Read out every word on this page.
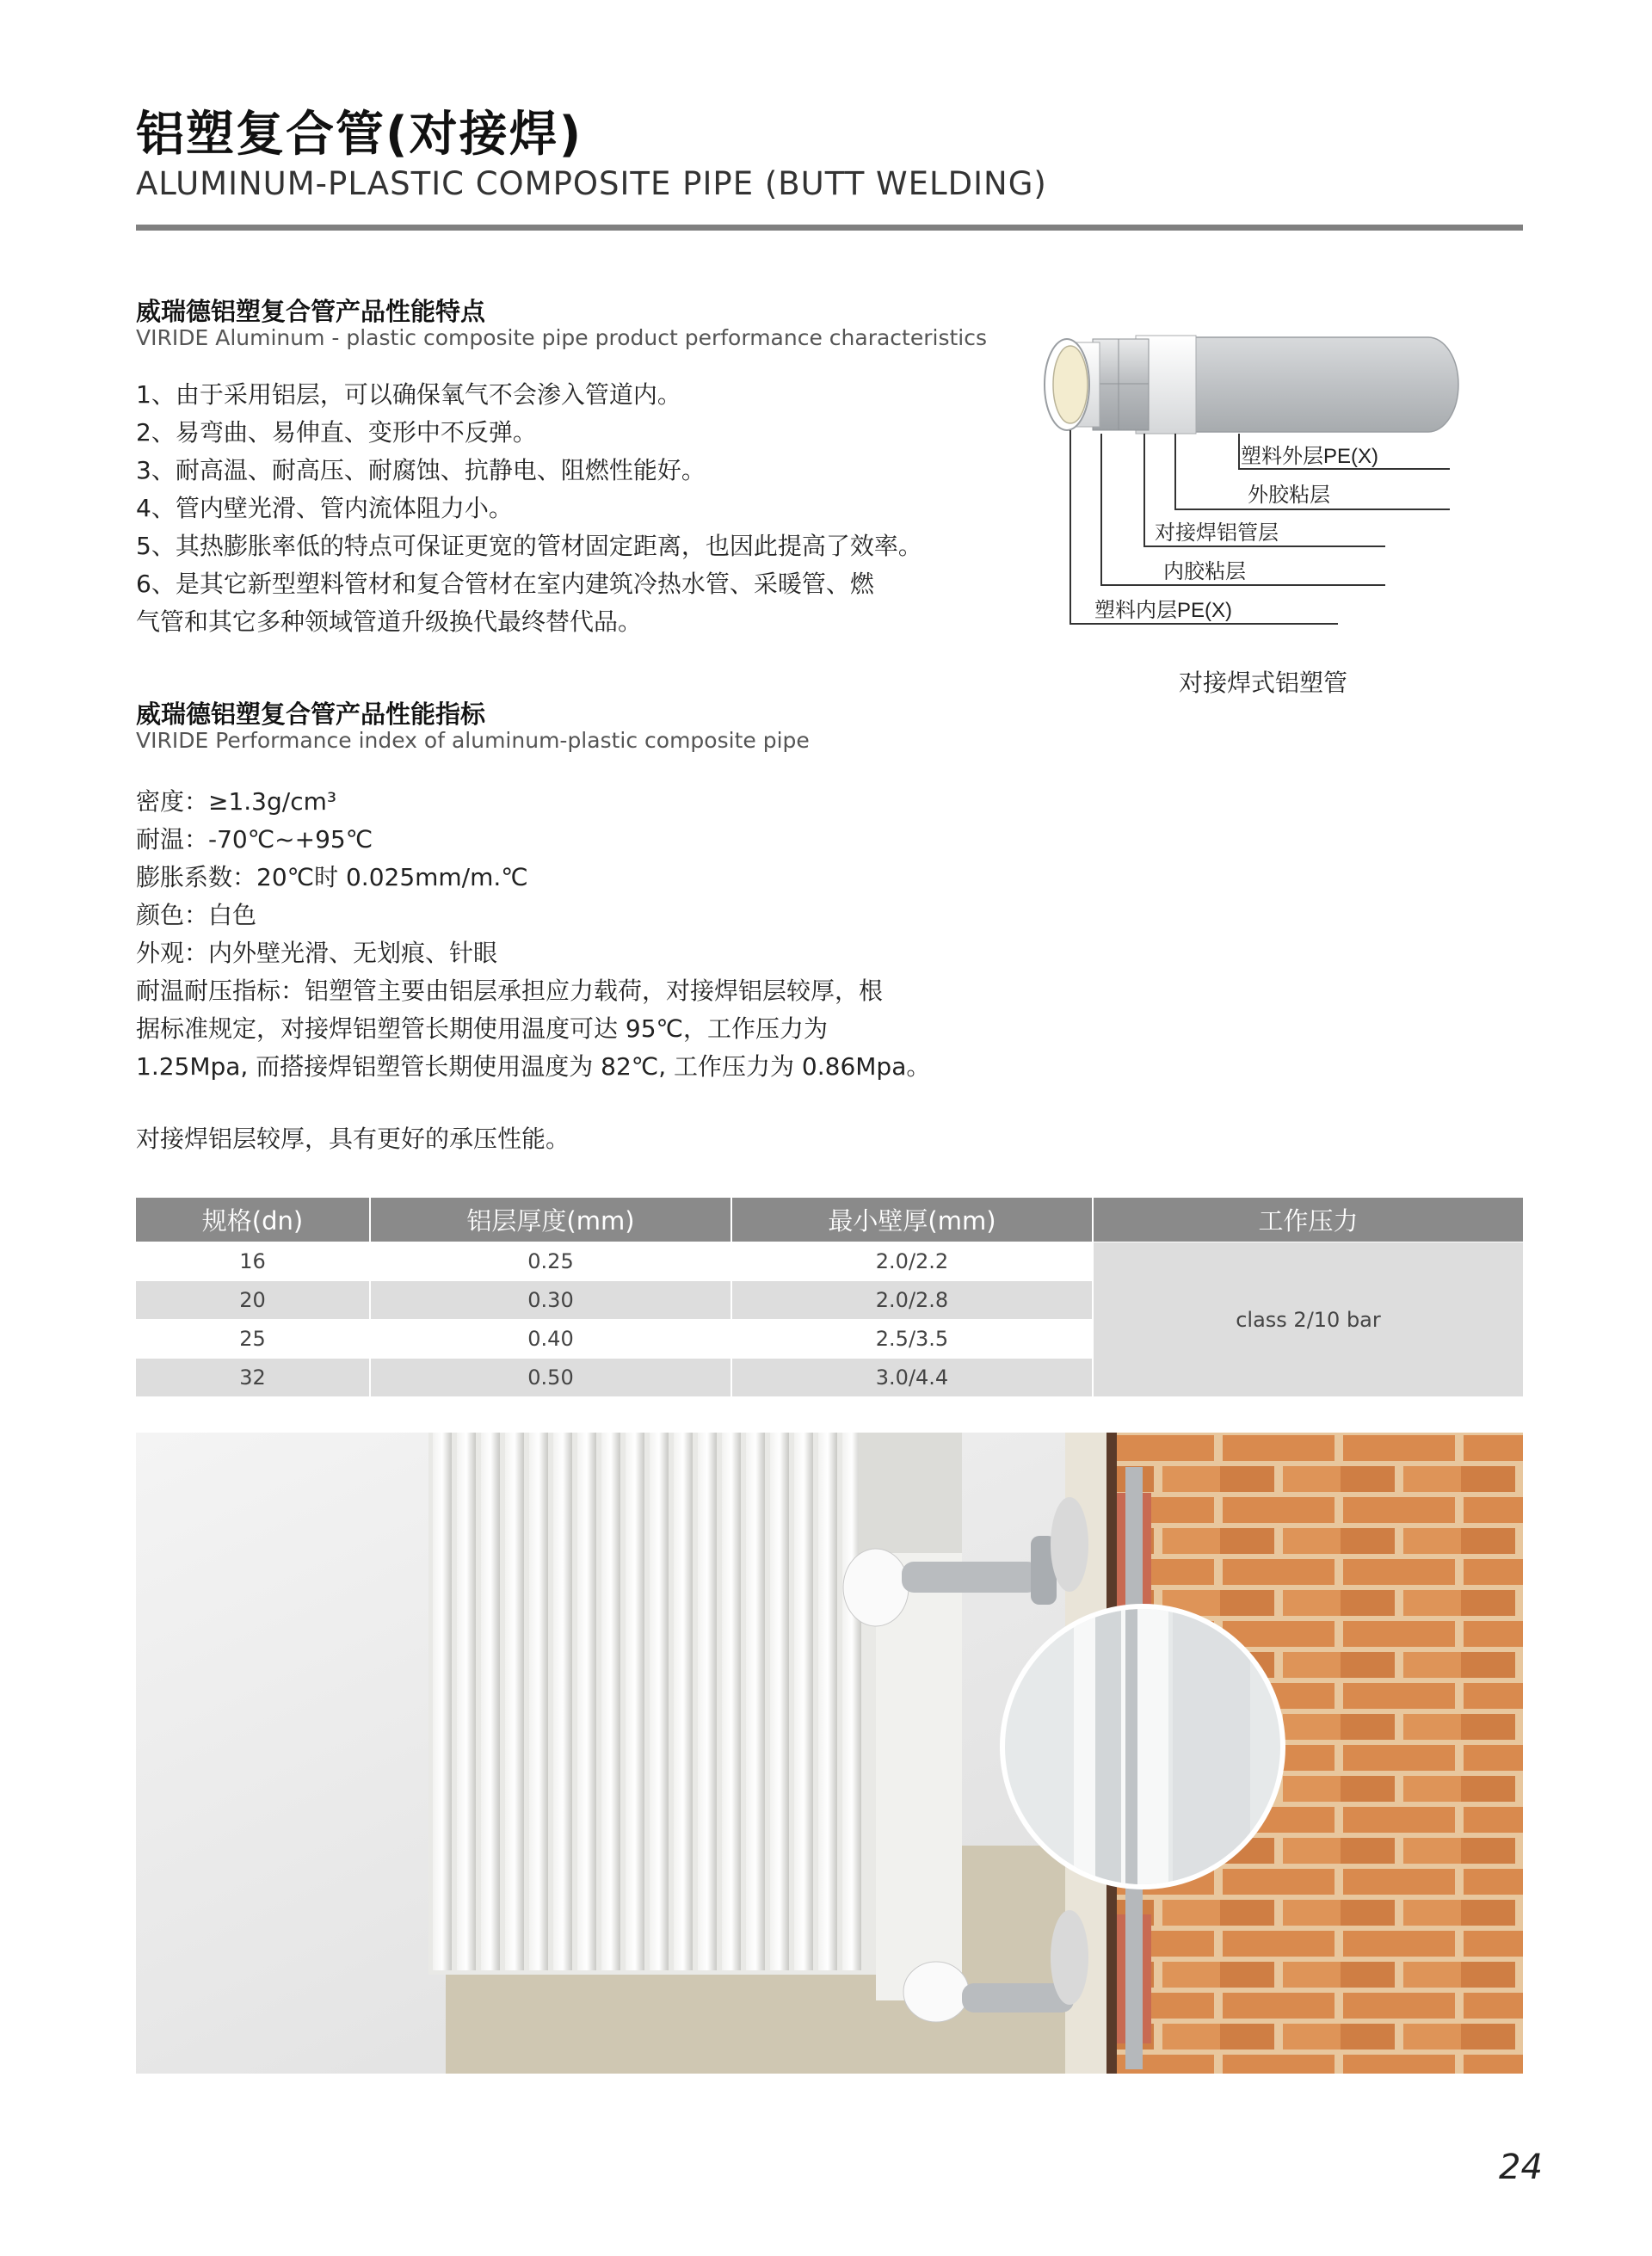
铝塑复合管(对接焊)
ALUMINUM-PLASTIC COMPOSITE PIPE (BUTT WELDING)
威瑞德铝塑复合管产品性能特点
VIRIDE Aluminum - plastic composite pipe product performance characteristics
1、由于采用铝层，可以确保氧气不会渗入管道内。
2、易弯曲、易伸直、变形中不反弹。
3、耐高温、耐高压、耐腐蚀、抗静电、阻燃性能好。
4、管内壁光滑、管内流体阻力小。
5、其热膨胀率低的特点可保证更宽的管材固定距离，也因此提高了效率。
6、是其它新型塑料管材和复合管材在室内建筑冷热水管、采暖管、燃
气管和其它多种领域管道升级换代最终替代品。
塑料外层PE(X)
外胶粘层
对接焊铝管层
内胶粘层
塑料内层PE(X)
对接焊式铝塑管
威瑞德铝塑复合管产品性能指标
VIRIDE Performance index of aluminum-plastic composite pipe
密度：≥1.3g/cm³
耐温：-70℃~+95℃
膨胀系数：20℃时 0.025mm/m.℃
颜色：白色
外观：内外壁光滑、无划痕、针眼
耐温耐压指标：铝塑管主要由铝层承担应力载荷，对接焊铝层较厚，根
据标准规定，对接焊铝塑管长期使用温度可达 95℃，工作压力为
1.25Mpa, 而搭接焊铝塑管长期使用温度为 82℃, 工作压力为 0.86Mpa。
对接焊铝层较厚，具有更好的承压性能。
规格(dn)	铝层厚度(mm)	最小壁厚(mm)	工作压力
16	0.25	2.0/2.2	class 2/10 bar
20	0.30	2.0/2.8	
25	0.40	2.5/3.5	
32	0.50	3.0/4.4	
24
